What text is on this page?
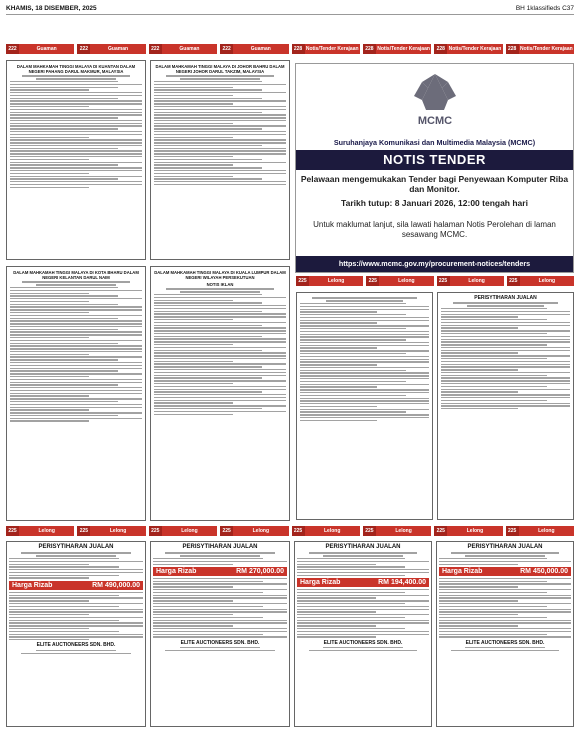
KHAMIS, 18 DISEMBER, 2025	BH 1klassifieds C37
222	Guaman	222	Guaman	222	Guaman	222	Guaman	228 Notis/Tender Kerajaan	228 Notis/Tender Kerajaan	228 Notis/Tender Kerajaan	228 Notis/Tender Kerajaan
DALAM MAHKAMAH TINGGI MALAYA DI KUANTAN DALAM NEGERI PAHANG DARUL MAKMUR, MALAYSIA
DALAM MAHKAMAH TINGGI MALAYA DI JOHOR BAHRU DALAM NEGERI JOHOR DARUL TAKZIM, MALAYSIA
MCMC
Suruhanjaya Komunikasi dan Multimedia Malaysia (MCMC)
NOTIS TENDER
Pelawaan mengemukakan Tender bagi Penyewaan Komputer Riba dan Monitor.
Tarikh tutup: 8 Januari 2026, 12:00 tengah hari
Untuk maklumat lanjut, sila lawati halaman Notis Perolehan di laman sesawang MCMC.
https://www.mcmc.gov.my/procurement-notices/tenders
225	Lelong	225	Lelong	225	Lelong	225	Lelong
DALAM MAHKAMAH TINGGI MALAYA DI KOTA BHARU DALAM NEGERI KELANTAN DARUL NAIM
DALAM MAHKAMAH TINGGI MALAYA DI KUALA LUMPUR DALAM NEGERI WILAYAH PERSEKUTUAN
NOTIS IKLAN
PERISYTIHARAN JUALAN
225	Lelong	225	Lelong	225	Lelong	225	Lelong	225	Lelong	225	Lelong	225	Lelong	225	Lelong
PERISYTIHARAN JUALAN
Harga Rizab	RM 490,000.00
ELITE AUCTIONEERS SDN. BHD.
PERISYTIHARAN JUALAN
Harga Rizab	RM 270,000.00
ELITE AUCTIONEERS SDN. BHD.
PERISYTIHARAN JUALAN
Harga Rizab	RM 194,400.00
ELITE AUCTIONEERS SDN. BHD.
PERISYTIHARAN JUALAN
Harga Rizab	RM 450,000.00
ELITE AUCTIONEERS SDN. BHD.
